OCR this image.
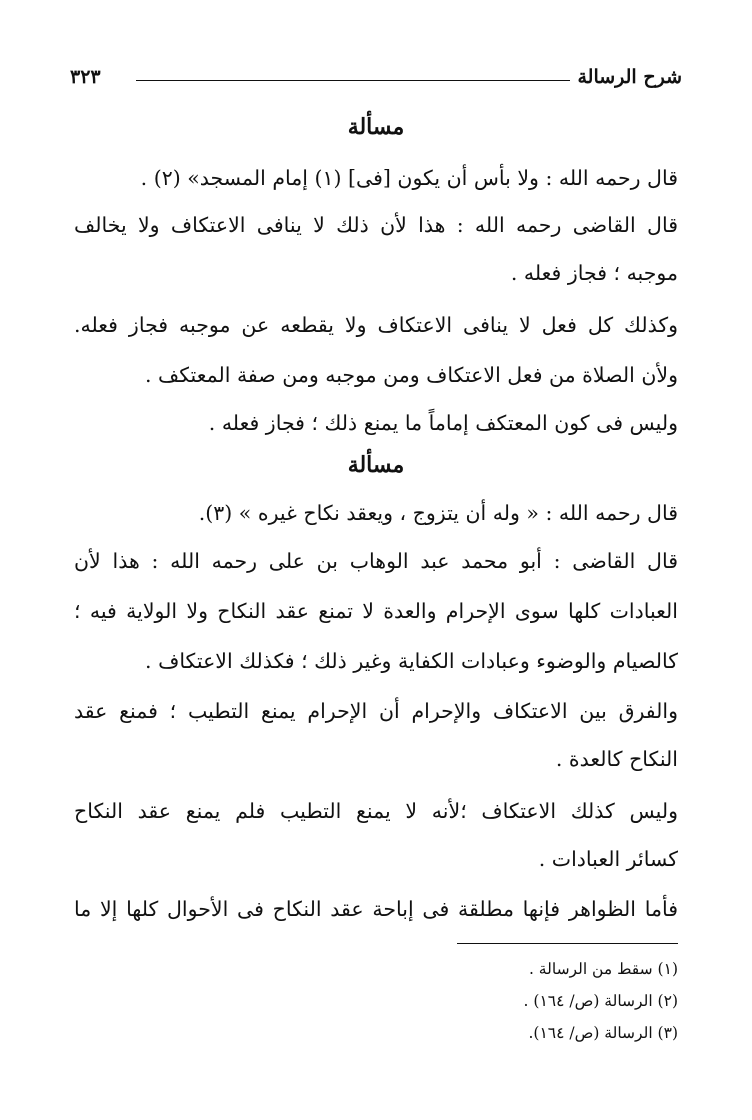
شرح الرسالة
٣٢٣
مسألة
قال رحمه الله : ولا بأس أن يكون [فى] (١) إمام المسجد» (٢) .
قال القاضى رحمه الله : هذا لأن ذلك لا ينافى الاعتكاف ولا يخالف
موجبه ؛ فجاز فعله .
وكذلك كل فعل لا ينافى الاعتكاف ولا يقطعه عن موجبه فجاز فعله.
ولأن الصلاة من فعل الاعتكاف ومن موجبه ومن صفة المعتكف .
وليس فى كون المعتكف إماماً ما يمنع ذلك ؛ فجاز فعله .
مسألة
قال رحمه الله : « وله أن يتزوج ، ويعقد نكاح غيره » (٣).
قال القاضى : أبو محمد عبد الوهاب بن على رحمه الله : هذا لأن
العبادات كلها سوى الإحرام والعدة لا تمنع عقد النكاح ولا الولاية فيه ؛
كالصيام والوضوء وعبادات الكفاية وغير ذلك ؛ فكذلك الاعتكاف .
والفرق بين الاعتكاف والإحرام أن الإحرام يمنع التطيب ؛ فمنع عقد
النكاح كالعدة .
وليس كذلك الاعتكاف ؛لأنه لا يمنع التطيب فلم يمنع عقد النكاح
كسائر العبادات .
فأما الظواهر فإنها مطلقة فى إباحة عقد النكاح فى الأحوال كلها إلا ما
(١) سقط من الرسالة .
(٢) الرسالة (ص/ ١٦٤) .
(٣) الرسالة (ص/ ١٦٤).
